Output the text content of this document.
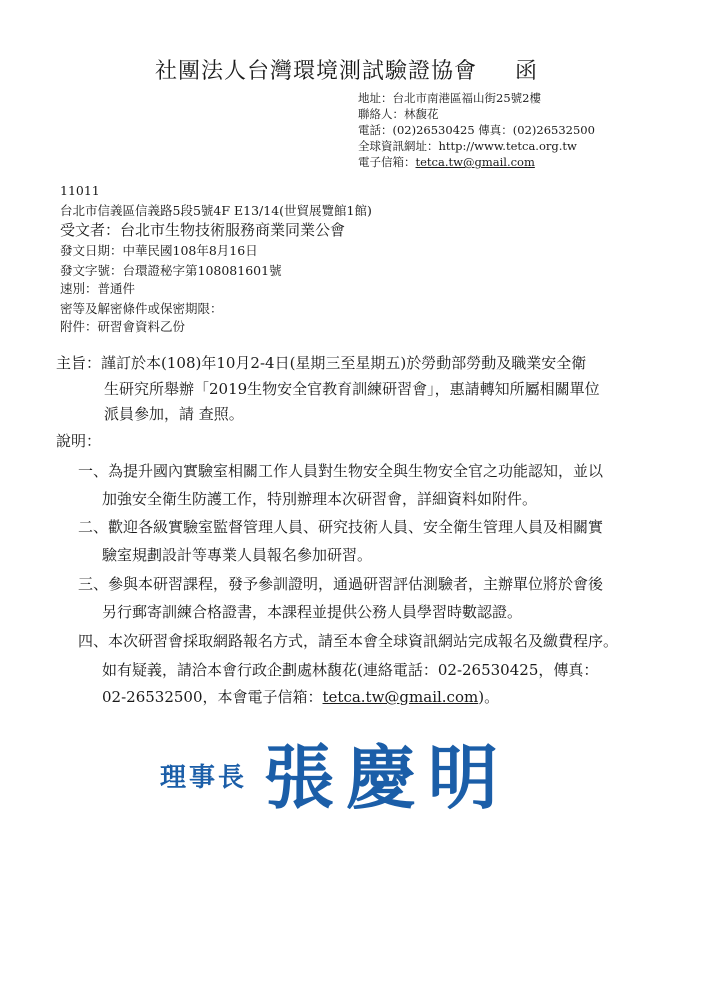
社團法人台灣環境測試驗證協會 函
地址：台北市南港區福山街25號2樓
聯絡人：林馥花
電話：(02)26530425 傳真：(02)26532500
全球資訊網址：http://www.tetca.org.tw
電子信箱：tetca.tw@gmail.com
11011
台北市信義區信義路5段5號4F E13/14(世貿展覽館1館)
受文者：台北市生物技術服務商業同業公會
發文日期：中華民國108年8月16日
發文字號：台環證秘字第108081601號
速別：普通件
密等及解密條件或保密期限：
附件：研習會資料乙份
主旨：謹訂於本(108)年10月2-4日(星期三至星期五)於勞動部勞動及職業安全衛
生研究所舉辦「2019生物安全官教育訓練研習會」，惠請轉知所屬相關單位
派員參加，請 查照。
說明：
一、為提升國內實驗室相關工作人員對生物安全與生物安全官之功能認知，並以
加強安全衛生防護工作，特別辦理本次研習會，詳細資料如附件。
二、歡迎各級實驗室監督管理人員、研究技術人員、安全衛生管理人員及相關實
驗室規劃設計等專業人員報名參加研習。
三、參與本研習課程，發予參訓證明，通過研習評估測驗者，主辦單位將於會後
另行郵寄訓練合格證書，本課程並提供公務人員學習時數認證。
四、本次研習會採取網路報名方式，請至本會全球資訊網站完成報名及繳費程序。
如有疑義，請洽本會行政企劃處林馥花(連絡電話：02-26530425，傳真：
02-26532500，本會電子信箱：tetca.tw@gmail.com)。
理事長 張慶明
